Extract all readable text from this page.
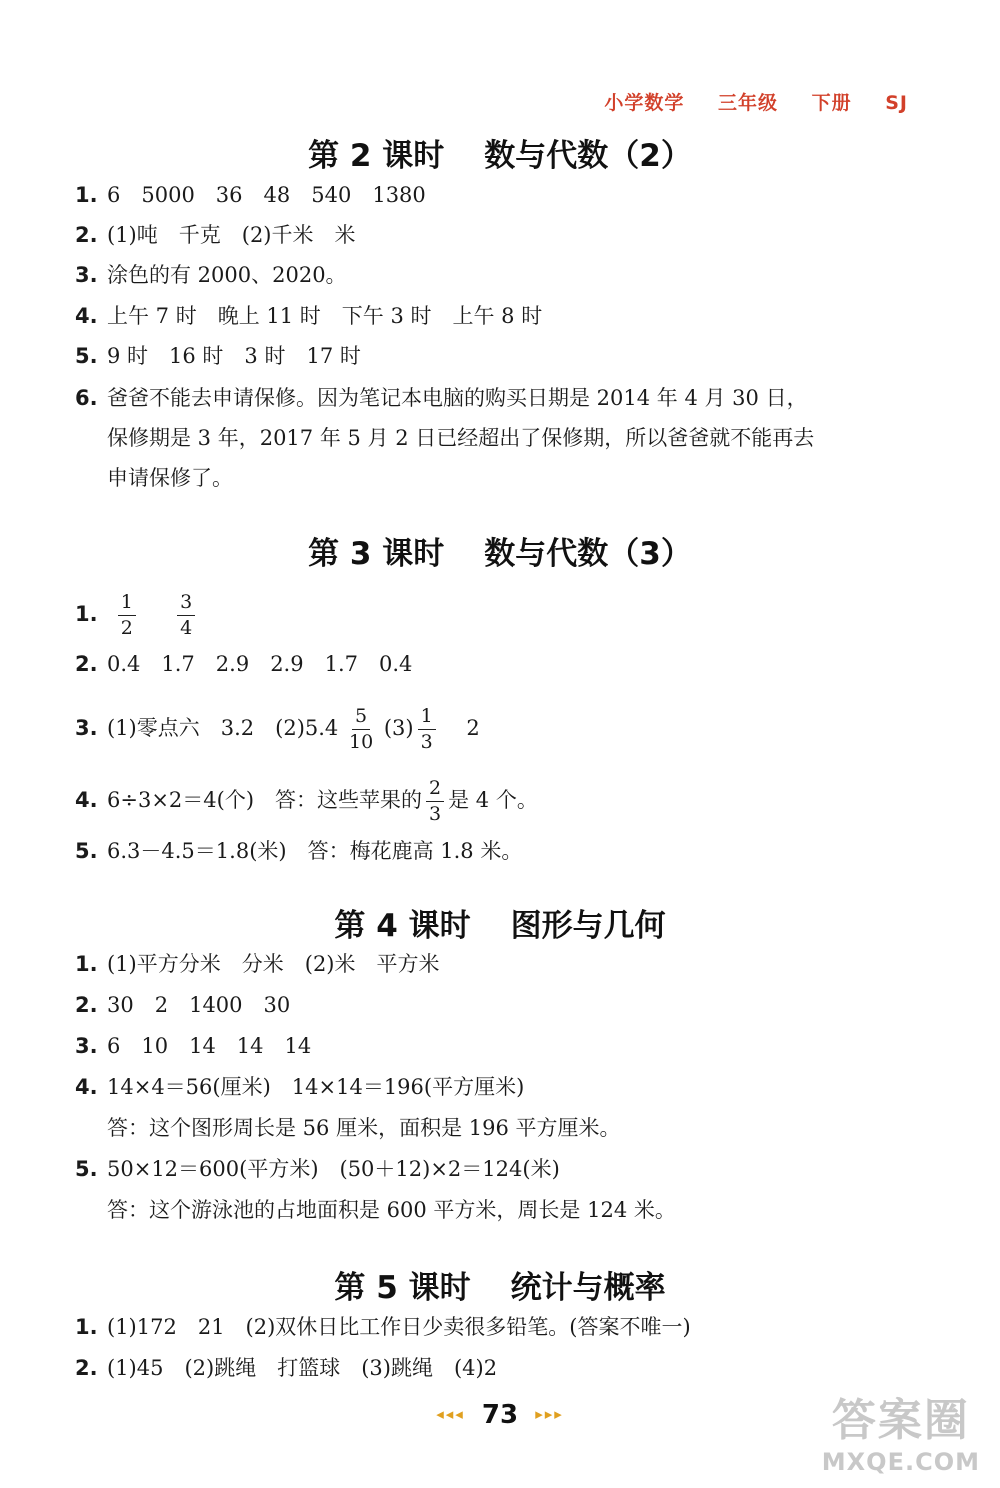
小学数学 三年级 下册 SJ
第 2 课时 数与代数（2）
1. 6　5000　36　48　540　1380
2. (1)吨　千克　(2)千米　米
3. 涂色的有 2000、2020。
4. 上午 7 时　晚上 11 时　下午 3 时　上午 8 时
5. 9 时　16 时　3 时　17 时
6. 爸爸不能去申请保修。因为笔记本电脑的购买日期是 2014 年 4 月 30 日，
保修期是 3 年，2017 年 5 月 2 日已经超出了保修期，所以爸爸就不能再去
申请保修了。
第 3 课时 数与代数（3）
1. $\frac{1}{2}$
$\frac{3}{4}$
2. 0.4　1.7　2.9　2.9　1.7　0.4
3. (1)零点六　3.2　$(2)5.4 \frac{5}{10} (3) \frac{1}{3} 2$
4. 6÷3×2＝4(个)　答：这些苹果的 $\frac{2}{3}$ 是 4 个。
5. 6.3－4.5＝1.8(米)　答：梅花鹿高 1.8 米。
第 4 课时 图形与几何
1. (1)平方分米　分米　(2)米　平方米
2. 30　2　1400　30
3. 6　10　14　14　14
4. 14×4＝56(厘米)　14×14＝196(平方厘米)
答：这个图形周长是 56 厘米，面积是 196 平方厘米。
5. 50×12＝600(平方米)　(50＋12)×2＝124(米)
答：这个游泳池的占地面积是 600 平方米，周长是 124 米。
第 5 课时 统计与概率
1. (1)172　21　(2)双休日比工作日少卖很多铅笔。(答案不唯一)
2. (1)45　(2)跳绳　打篮球　(3)跳绳　(4)2
◂◂◂ 73 ▸▸▸	答案圈
MXQE.COM
